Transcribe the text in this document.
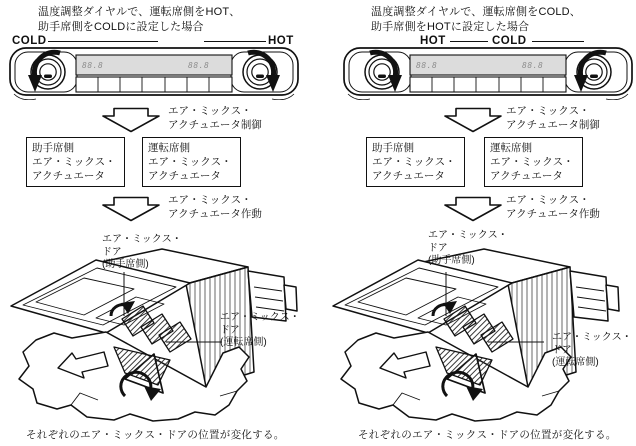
温度調整ダイヤルで、運転席側をHOT、
助手席側をCOLDに設定した場合
COLD	HOT
88.8	88.8
エア・ミックス・
アクチュエータ制御
助手席側
エア・ミックス・
アクチュエータ
運転席側
エア・ミックス・
アクチュエータ
エア・ミックス・
アクチュエータ作動
エア・ミックス・
ドア
(助手席側)
エア・ミックス・
ドア
(運転席側)
それぞれのエア・ミックス・ドアの位置が変化する。
温度調整ダイヤルで、運転席側をCOLD、
助手席側をHOTに設定した場合
HOT	COLD
88.8	88.8
エア・ミックス・
アクチュエータ制御
助手席側
エア・ミックス・
アクチュエータ
運転席側
エア・ミックス・
アクチュエータ
エア・ミックス・
アクチュエータ作動
エア・ミックス・
ドア
(助手席側)
エア・ミックス・
ドア
(運転席側)
それぞれのエア・ミックス・ドアの位置が変化する。
